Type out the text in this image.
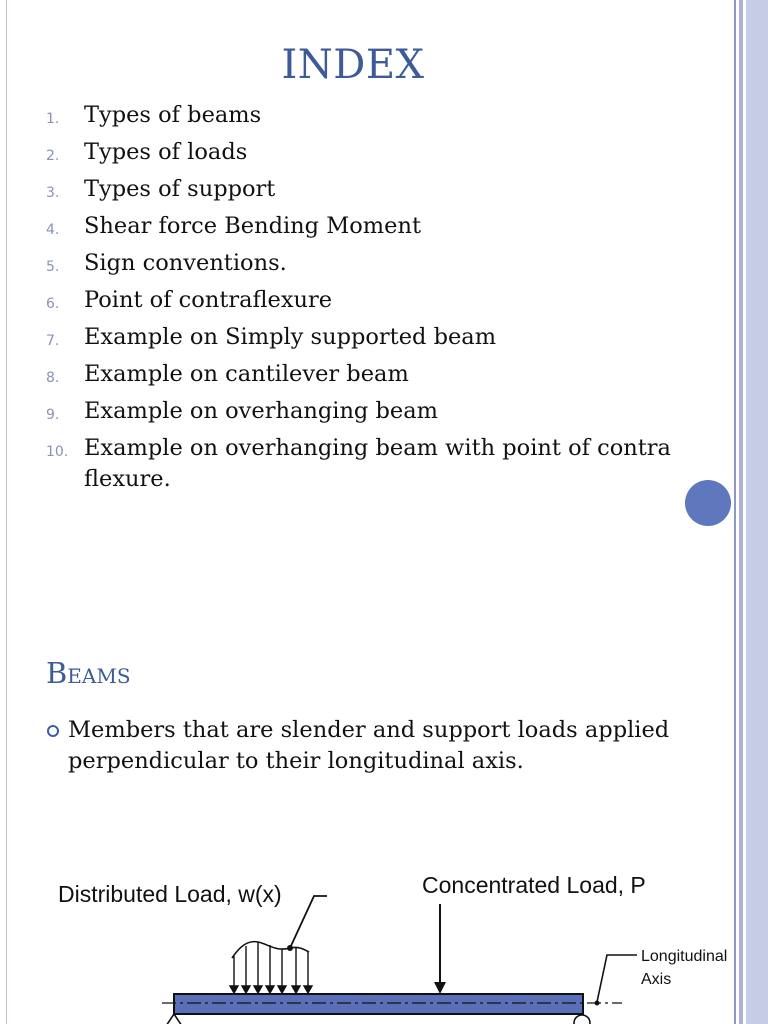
INDEX
1. Types of beams
2. Types of loads
3. Types of support
4. Shear force Bending Moment
5. Sign conventions.
6. Point of contraflexure
7. Example on Simply supported beam
8. Example on cantilever beam
9. Example on overhanging beam
10. Example on overhanging beam with point of contra flexure.
Beams
Members that are slender and support loads applied perpendicular to their longitudinal axis.
Distributed Load, w(x)	Concentrated Load, P
Longitudinal
Axis
